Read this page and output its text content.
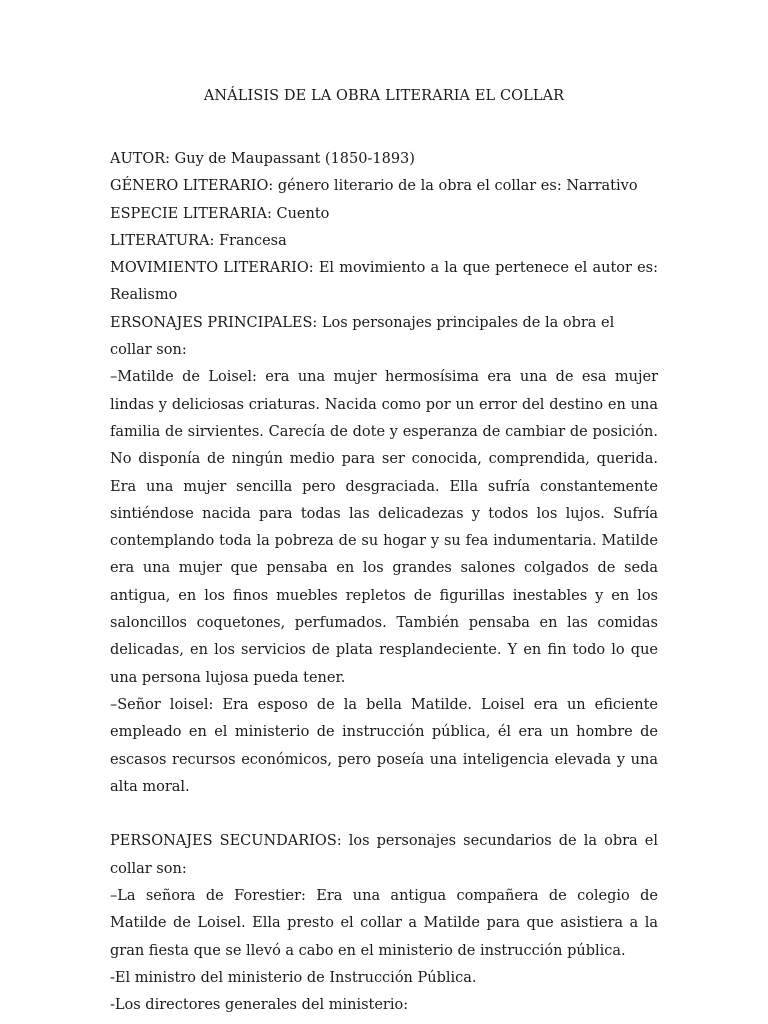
ANÁLISIS DE LA OBRA LITERARIA EL COLLAR
AUTOR: Guy de Maupassant (1850-1893)
GÉNERO LITERARIO: género literario de la obra el collar es: Narrativo
ESPECIE LITERARIA: Cuento
LITERATURA: Francesa
MOVIMIENTO LITERARIO: El movimiento a la que pertenece el autor es: Realismo
ERSONAJES PRINCIPALES: Los personajes principales de la obra el collar son:
–Matilde de Loisel: era una mujer hermosísima era una de esa mujer lindas y deliciosas criaturas. Nacida como por un error del destino en una familia de sirvientes. Carecía de dote y esperanza de cambiar de posición. No disponía de ningún medio para ser conocida, comprendida, querida. Era una mujer sencilla pero desgraciada. Ella sufría constantemente sintiéndose nacida para todas las delicadezas y todos los lujos. Sufría contemplando toda la pobreza de su hogar y su fea indumentaria. Matilde era una mujer que pensaba en los grandes salones colgados de seda antigua, en los finos muebles repletos de figurillas inestables y en los saloncillos coquetones, perfumados. También pensaba en las comidas delicadas, en los servicios de plata resplandeciente. Y en fin todo lo que una persona lujosa pueda tener.
–Señor loisel: Era esposo de la bella Matilde. Loisel era un eficiente empleado en el ministerio de instrucción pública, él era un hombre de escasos recursos económicos, pero poseía una inteligencia elevada y una alta moral.
PERSONAJES SECUNDARIOS: los personajes secundarios de la obra el collar son:
–La señora de Forestier: Era una antigua compañera de colegio de Matilde de Loisel. Ella presto el collar a Matilde para que asistiera a la gran fiesta que se llevó a cabo en el ministerio de instrucción pública.
-El ministro del ministerio de Instrucción Pública.
-Los directores generales del ministerio:
